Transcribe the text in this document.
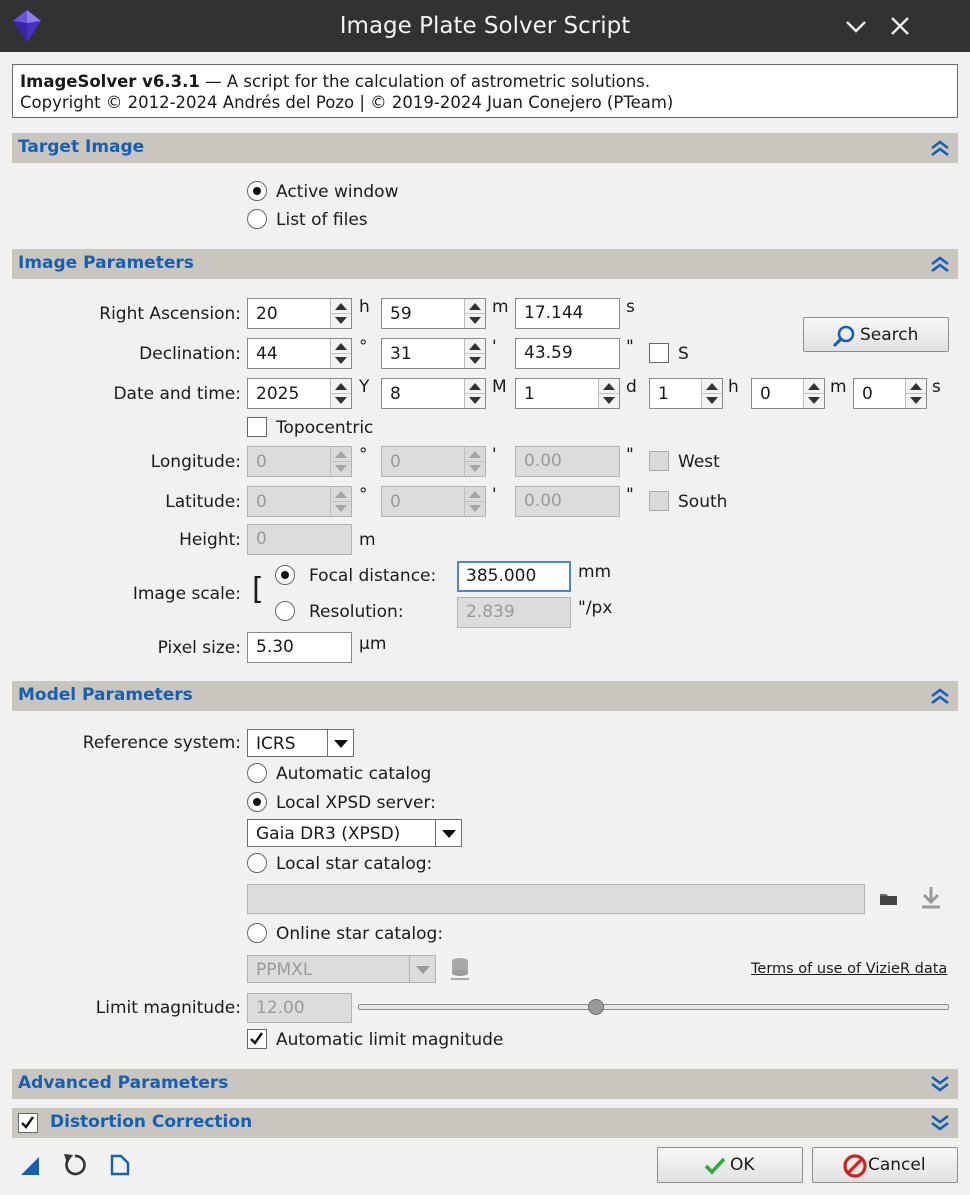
Image Plate Solver Script
ImageSolver v6.3.1 — A script for the calculation of astrometric solutions.
Copyright © 2012-2024 Andrés del Pozo | © 2019-2024 Juan Conejero (PTeam)
Target Image
Active window
List of files
Image Parameters
Right Ascension: 20	h 59	m 17.144	s
Search
Declination: 44	° 31	'	43.59	"	S
Date and time: 2025	Y 8	M 1	d 1	h 0	m 0	s
Topocentric
Longitude: 0	° 0	'	0.00	"	West
Latitude: 0	° 0	'	0.00	"	South
Height: 0	m
Image scale: [	Focal distance:	385.000	mm
Resolution:	2.839	"/px
Pixel size: 5.30	µm
Model Parameters
Reference system: ICRS
Automatic catalog
Local XPSD server:
Gaia DR3 (XPSD)
Local star catalog:
Online star catalog:
PPMXL	Terms of use of VizieR data
Limit magnitude: 12.00
Automatic limit magnitude
Advanced Parameters
Distortion Correction
OK	Cancel
